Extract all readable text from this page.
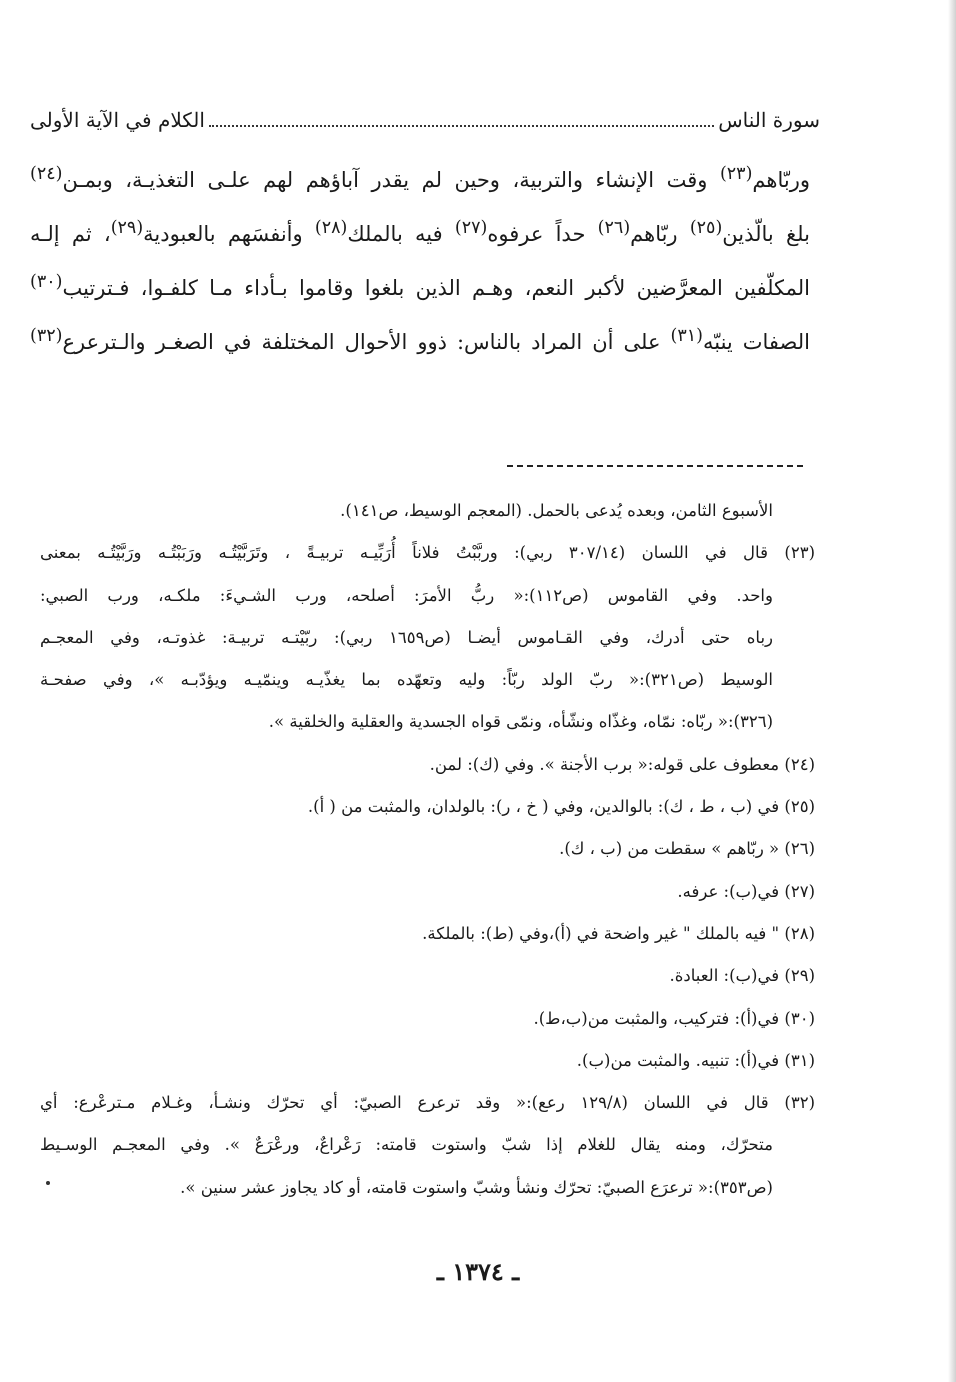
سورة الناس
الكلام في الآية الأولى
وربّاهم$^{(٢٣)}$ وقت الإنشاء والتربية، وحين لم يقدر آباؤهم لهم علـى التغذيـة، وبمـن$^{(٢٤)}$
بلغ بالّذين$^{(٢٥)}$ ربّاهم$^{(٢٦)}$ حداً عرفوه$^{(٢٧)}$ فيه بالملك$^{(٢٨)}$ وأنفسَهم بالعبودية$^{(٢٩)}$، ثم إلـه
المكلّفين المعرَّضين لأكبر النعم، وهـم الذين بلغوا وقاموا بـأداء مـا كلفـوا، فـترتيب$^{(٣٠)}$
الصفات ينبّه$^{(٣١)}$ على أن المراد بالناس: ذوو الأحوال المختلفة في الصغـر والـترعرع$^{(٣٢)}$
الأسبوع الثامن، وبعده يُدعى بالحمل. (المعجم الوسيط، ص١٤١).
(٢٣) قال في اللسان (٣٠٧/١٤ ربي): وربَّبْتُ فلاناً أُرَبِّيـه تربيـةً ، وتَرَبَّيْتُـه ورَبَبْتُـه ورَبَّيْتُـه بمعنى
واحد. وفي القاموس (ص١١٢):« ربُّ الأمرَ: أصلحه، ورب الشـيءَ: ملكـه، ورب الصبي:
رباه حتى أدرك، وفي القـاموس أيضـا (ص١٦٥٩ ربي): ربّيْتـه تربيـة: غذوتـه، وفي المعجـم
الوسيط (ص٣٢١):« ربّ الولد ربّاً: وليه وتعهّده بما يغذّيـه وينمّيـه ويؤدّبـه »، وفي صفحـة
(٣٢٦):« ربّاه: نمّاه، وغذّاه ونشّأه، ونمّى قواه الجسدية والعقلية والخلقية ».
(٢٤) معطوف على قوله:« برب الأجنة ». وفي (ك): لمن.
(٢٥) في (ب ، ط ، ك): بالوالدين، وفي ( خ ، ر): بالولدان، والمثبت من ( أ).
(٢٦) « ربّاهم » سقطت من (ب ، ك).
(٢٧) في(ب): عرفه.
(٢٨) " فيه بالملك " غير واضحة في (أ)،وفي (ط): بالملكة.
(٢٩) في(ب): العبادة.
(٣٠) في(أ): فتركيب، والمثبت من(ب،ط).
(٣١) في(أ): تنبيه. والمثبت من(ب).
(٣٢) قال في اللسان (١٢٩/٨ رعع):« وقد ترعرع الصبيّ: أي تحرّك ونشـأ، وغـلام مـترعْرع: أي
متحرّك، ومنه يقال للغلام إذا شبّ واستوت قامته: رَعْراعٌ، ورعْرَعٌ ». وفي المعجـم الوسـيط
(ص٣٥٣):« ترعرَع الصبيّ: تحرّك ونشأ وشبّ واستوت قامته، أو كاد يجاوز عشر سنين ».
ـ ١٣٧٤ ـ
